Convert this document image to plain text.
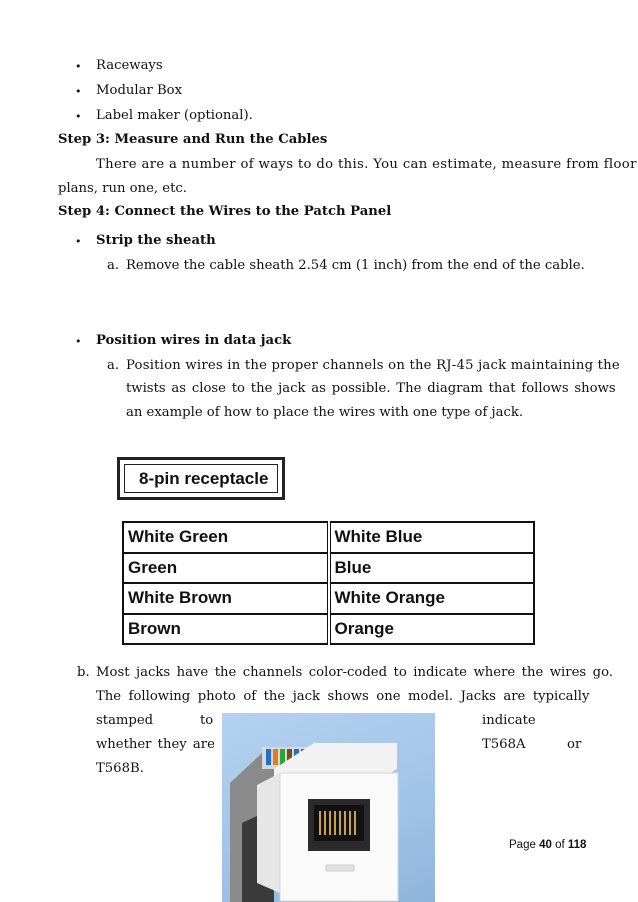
• Raceways
• Modular Box
• Label maker (optional).
Step 3: Measure and Run the Cables
There are a number of ways to do this. You can estimate, measure from floor
plans, run one, etc.
Step 4: Connect the Wires to the Patch Panel
• Strip the sheath
a. Remove the cable sheath 2.54 cm (1 inch) from the end of the cable.
• Position wires in data jack
a. Position wires in the proper channels on the RJ-45 jack maintaining the
twists as close to the jack as possible. The diagram that follows shows
an example of how to place the wires with one type of jack.
8-pin receptacle
White Green	White Blue
Green	Blue
White Brown	White Orange
Brown	Orange
b. Most jacks have the channels color-coded to indicate where the wires go.
The following photo of the jack shows one model. Jacks are typically
stamped	to	indicate
whether they are	T568A	or
T568B.
Page 40 of 118
